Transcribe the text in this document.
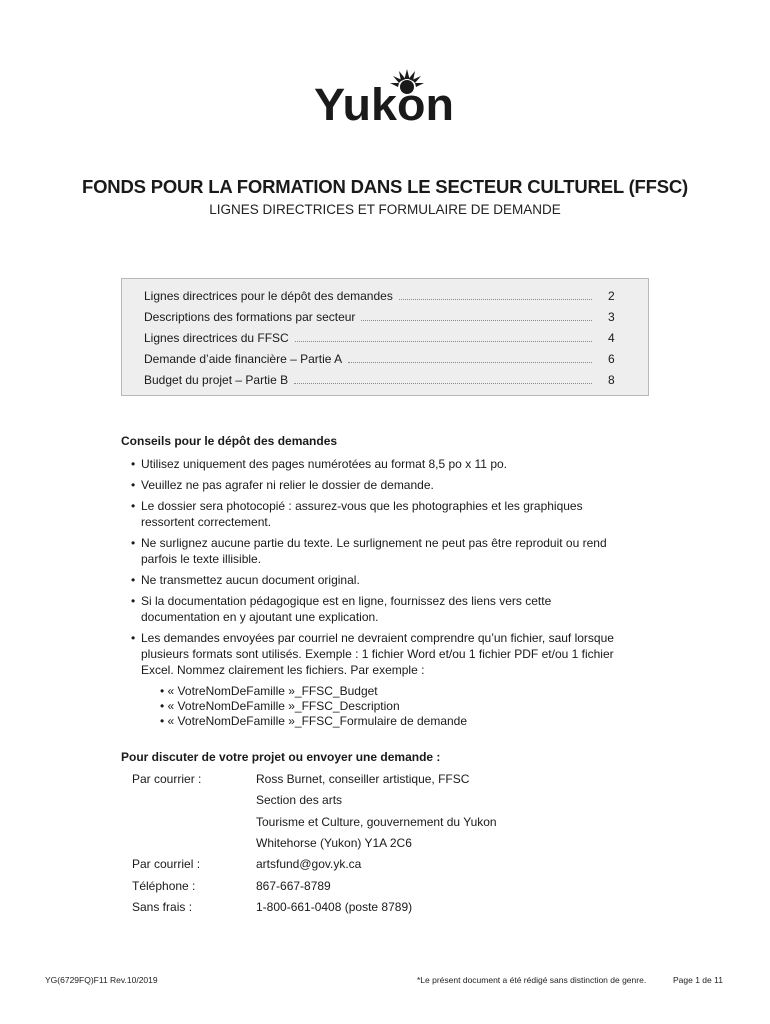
Yukon
FONDS POUR LA FORMATION DANS LE SECTEUR CULTUREL (FFSC)
LIGNES DIRECTRICES ET FORMULAIRE DE DEMANDE
Lignes directrices pour le dépôt des demandes	2
Descriptions des formations par secteur	3
Lignes directrices du FFSC	4
Demande d’aide financière – Partie A	6
Budget du projet – Partie B	8
Conseils pour le dépôt des demandes
• Utilisez uniquement des pages numérotées au format 8,5 po x 11 po.
• Veuillez ne pas agrafer ni relier le dossier de demande.
• Le dossier sera photocopié : assurez-vous que les photographies et les graphiques ressortent correctement.
• Ne surlignez aucune partie du texte. Le surlignement ne peut pas être reproduit ou rend parfois le texte illisible.
• Ne transmettez aucun document original.
• Si la documentation pédagogique est en ligne, fournissez des liens vers cette documentation en y ajoutant une explication.
• Les demandes envoyées par courriel ne devraient comprendre qu’un fichier, sauf lorsque plusieurs formats sont utilisés. Exemple : 1 fichier Word et/ou 1 fichier PDF et/ou 1 fichier Excel. Nommez clairement les fichiers. Par exemple :
• « VotreNomDeFamille »_FFSC_Budget
• « VotreNomDeFamille »_FFSC_Description
• « VotreNomDeFamille »_FFSC_Formulaire de demande
Pour discuter de votre projet ou envoyer une demande :
Par courrier :	Ross Burnet, conseiller artistique, FFSC
Section des arts
Tourisme et Culture, gouvernement du Yukon
Whitehorse (Yukon) Y1A 2C6
Par courriel :	artsfund@gov.yk.ca
Téléphone :	867-667-8789
Sans frais :	1-800-661-0408 (poste 8789)
YG(6729FQ)F11 Rev.10/2019	*Le présent document a été rédigé sans distinction de genre.	Page 1 de 11
